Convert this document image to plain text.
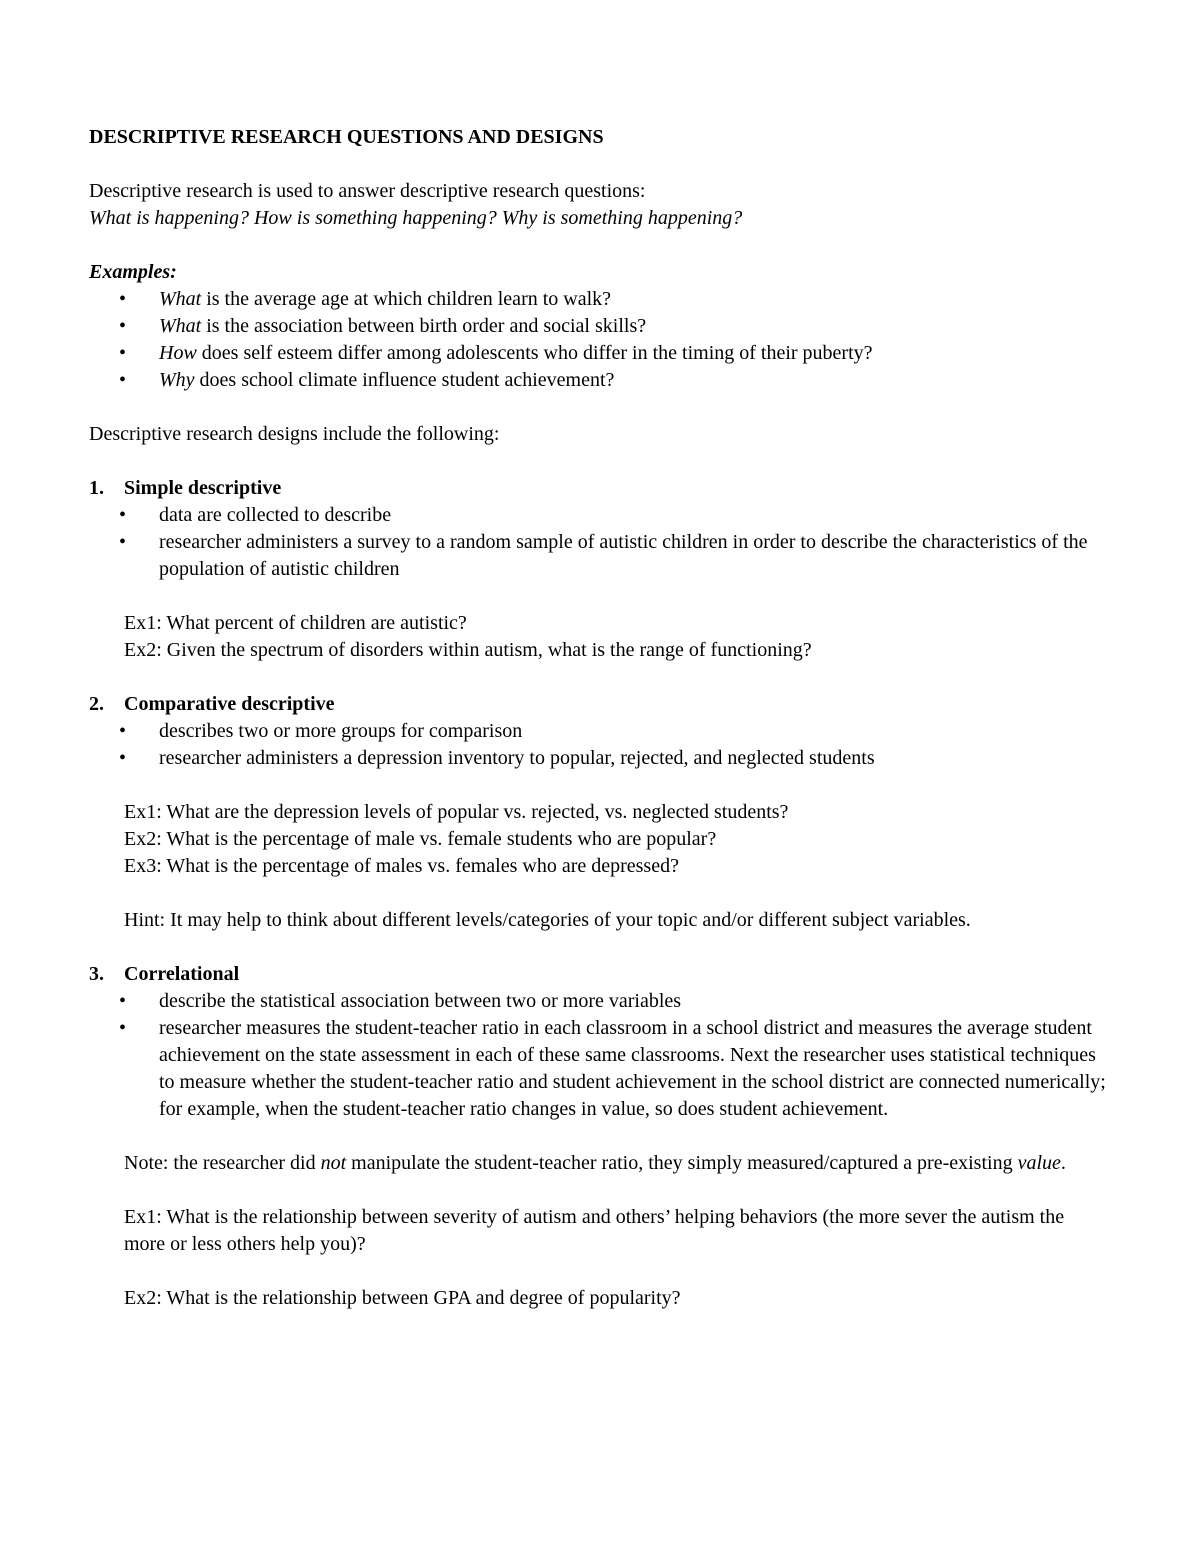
DESCRIPTIVE RESEARCH QUESTIONS AND DESIGNS
Descriptive research is used to answer descriptive research questions:
What is happening? How is something happening? Why is something happening?
Examples:
• What is the average age at which children learn to walk?
• What is the association between birth order and social skills?
• How does self esteem differ among adolescents who differ in the timing of their puberty?
• Why does school climate influence student achievement?
Descriptive research designs include the following:
1. Simple descriptive
• data are collected to describe
• researcher administers a survey to a random sample of autistic children in order to describe the characteristics of the population of autistic children
Ex1: What percent of children are autistic?
Ex2: Given the spectrum of disorders within autism, what is the range of functioning?
2. Comparative descriptive
• describes two or more groups for comparison
• researcher administers a depression inventory to popular, rejected, and neglected students
Ex1: What are the depression levels of popular vs. rejected, vs. neglected students?
Ex2: What is the percentage of male vs. female students who are popular?
Ex3: What is the percentage of males vs. females who are depressed?
Hint: It may help to think about different levels/categories of your topic and/or different subject variables.
3. Correlational
• describe the statistical association between two or more variables
• researcher measures the student-teacher ratio in each classroom in a school district and measures the average student achievement on the state assessment in each of these same classrooms. Next the researcher uses statistical techniques to measure whether the student-teacher ratio and student achievement in the school district are connected numerically; for example, when the student-teacher ratio changes in value, so does student achievement.
Note: the researcher did not manipulate the student-teacher ratio, they simply measured/captured a pre-existing value.
Ex1: What is the relationship between severity of autism and others’ helping behaviors (the more sever the autism the more or less others help you)?
Ex2: What is the relationship between GPA and degree of popularity?
